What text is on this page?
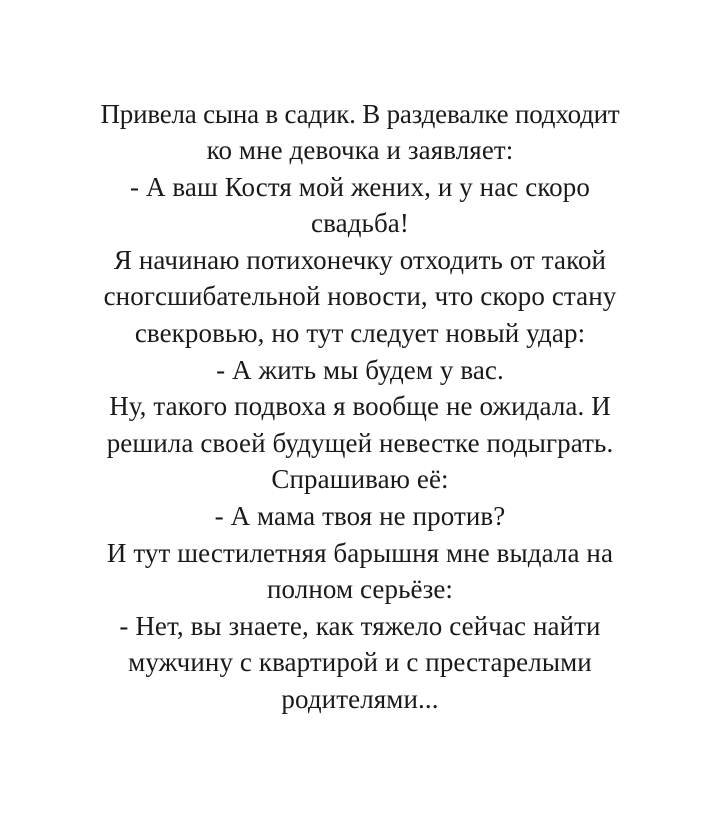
Привела сына в садик. В раздевалке подходит
ко мне девочка и заявляет:
- А ваш Костя мой жених, и у нас скоро
свадьба!
Я начинаю потихонечку отходить от такой
сногсшибательной новости, что скоро стану
свекровью, но тут следует новый удар:
- А жить мы будем у вас.
Ну, такого подвоха я вообще не ожидала. И
решила своей будущей невестке подыграть.
Спрашиваю её:
- А мама твоя не против?
И тут шестилетняя барышня мне выдала на
полном серьёзе:
- Нет, вы знаете, как тяжело сейчас найти
мужчину с квартирой и с престарелыми
родителями...
